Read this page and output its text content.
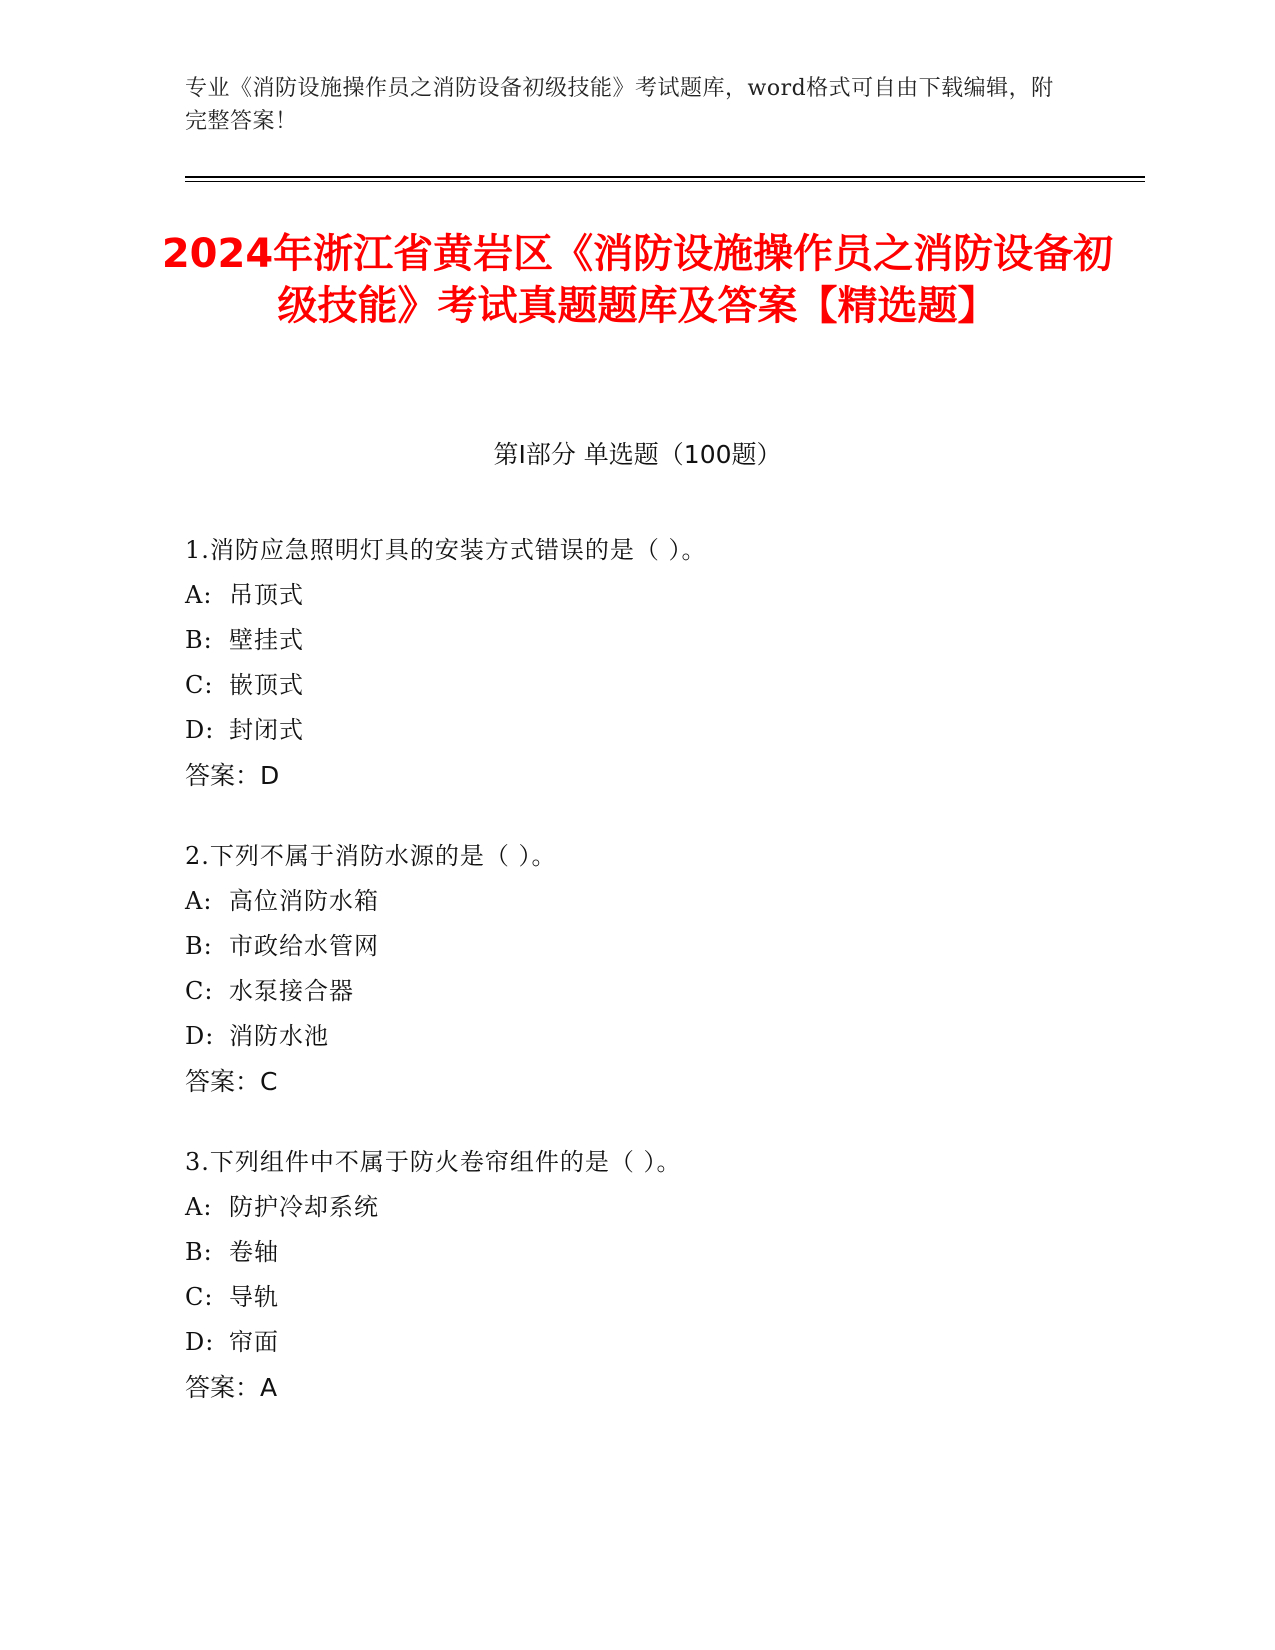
专业《消防设施操作员之消防设备初级技能》考试题库，word格式可自由下载编辑，附完整答案！
2024年浙江省黄岩区《消防设施操作员之消防设备初级技能》考试真题题库及答案【精选题】
第I部分 单选题（100题）
1.消防应急照明灯具的安装方式错误的是（ ）。
A: 吊顶式
B: 壁挂式
C: 嵌顶式
D: 封闭式
答案：D
2.下列不属于消防水源的是（ ）。
A: 高位消防水箱
B: 市政给水管网
C: 水泵接合器
D: 消防水池
答案：C
3.下列组件中不属于防火卷帘组件的是（ ）。
A: 防护冷却系统
B: 卷轴
C: 导轨
D: 帘面
答案：A
